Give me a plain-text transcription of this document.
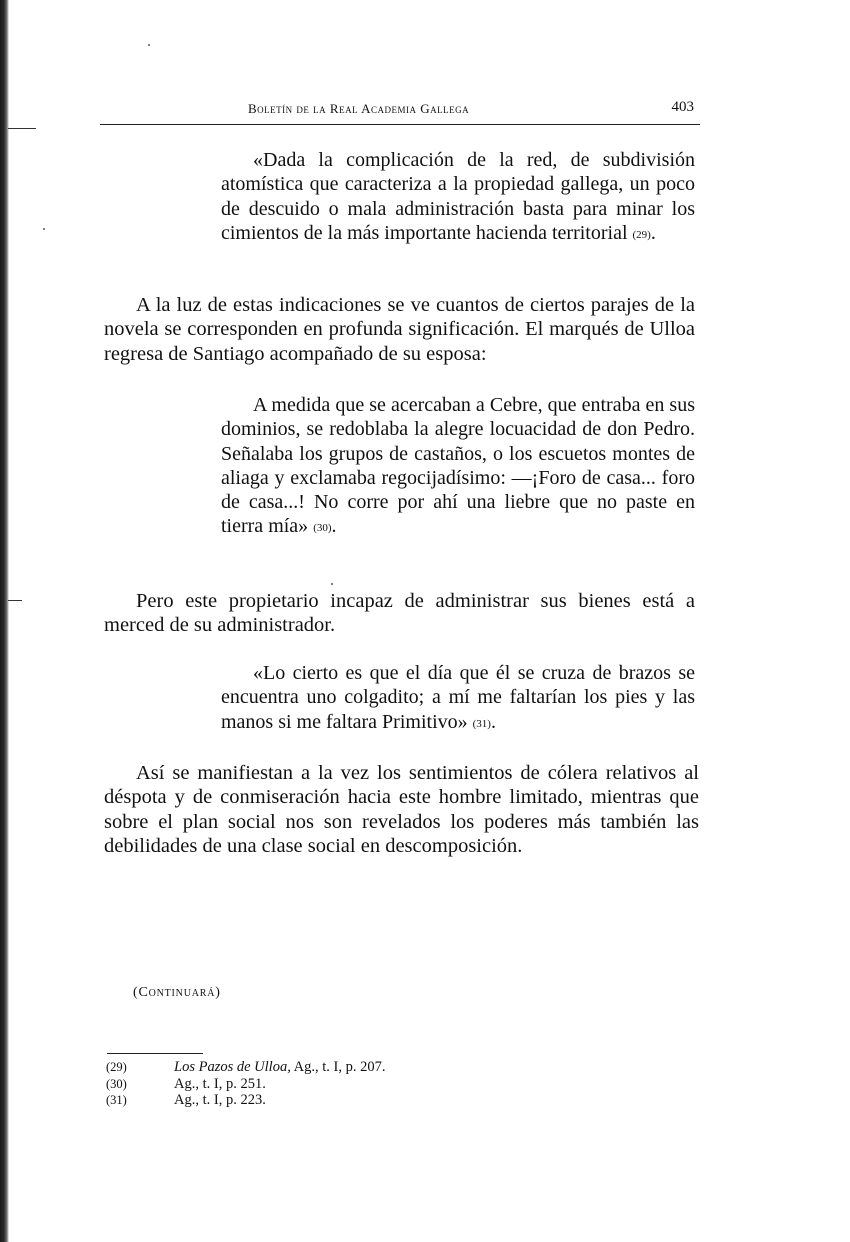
Boletín de la Real Academia Gallega	403

«Dada la complicación de la red, de subdivisión atomística que caracteriza a la propiedad gallega, un poco de descuido o mala administración basta para minar los cimientos de la más importante hacienda territorial (29).

A la luz de estas indicaciones se ve cuantos de ciertos parajes de la novela se corresponden en profunda significación. El marqués de Ulloa regresa de Santiago acompañado de su esposa:

A medida que se acercaban a Cebre, que entraba en sus dominios, se redoblaba la alegre locuacidad de don Pedro. Señalaba los grupos de castaños, o los escuetos montes de aliaga y exclamaba regocijadísimo: —¡Foro de casa... foro de casa...! No corre por ahí una liebre que no paste en tierra mía» (30).

Pero este propietario incapaz de administrar sus bienes está a merced de su administrador.

«Lo cierto es que el día que él se cruza de brazos se encuentra uno colgadito; a mí me faltarían los pies y las manos si me faltara Primitivo» (31).

Así se manifiestan a la vez los sentimientos de cólera relativos al déspota y de conmiseración hacia este hombre limitado, mientras que sobre el plan social nos son revelados los poderes más también las debilidades de una clase social en descomposición.

(Continuará)
(29)	Los Pazos de Ulloa, Ag., t. I, p. 207.
(30)	Ag., t. I, p. 251.
(31)	Ag., t. I, p. 223.
